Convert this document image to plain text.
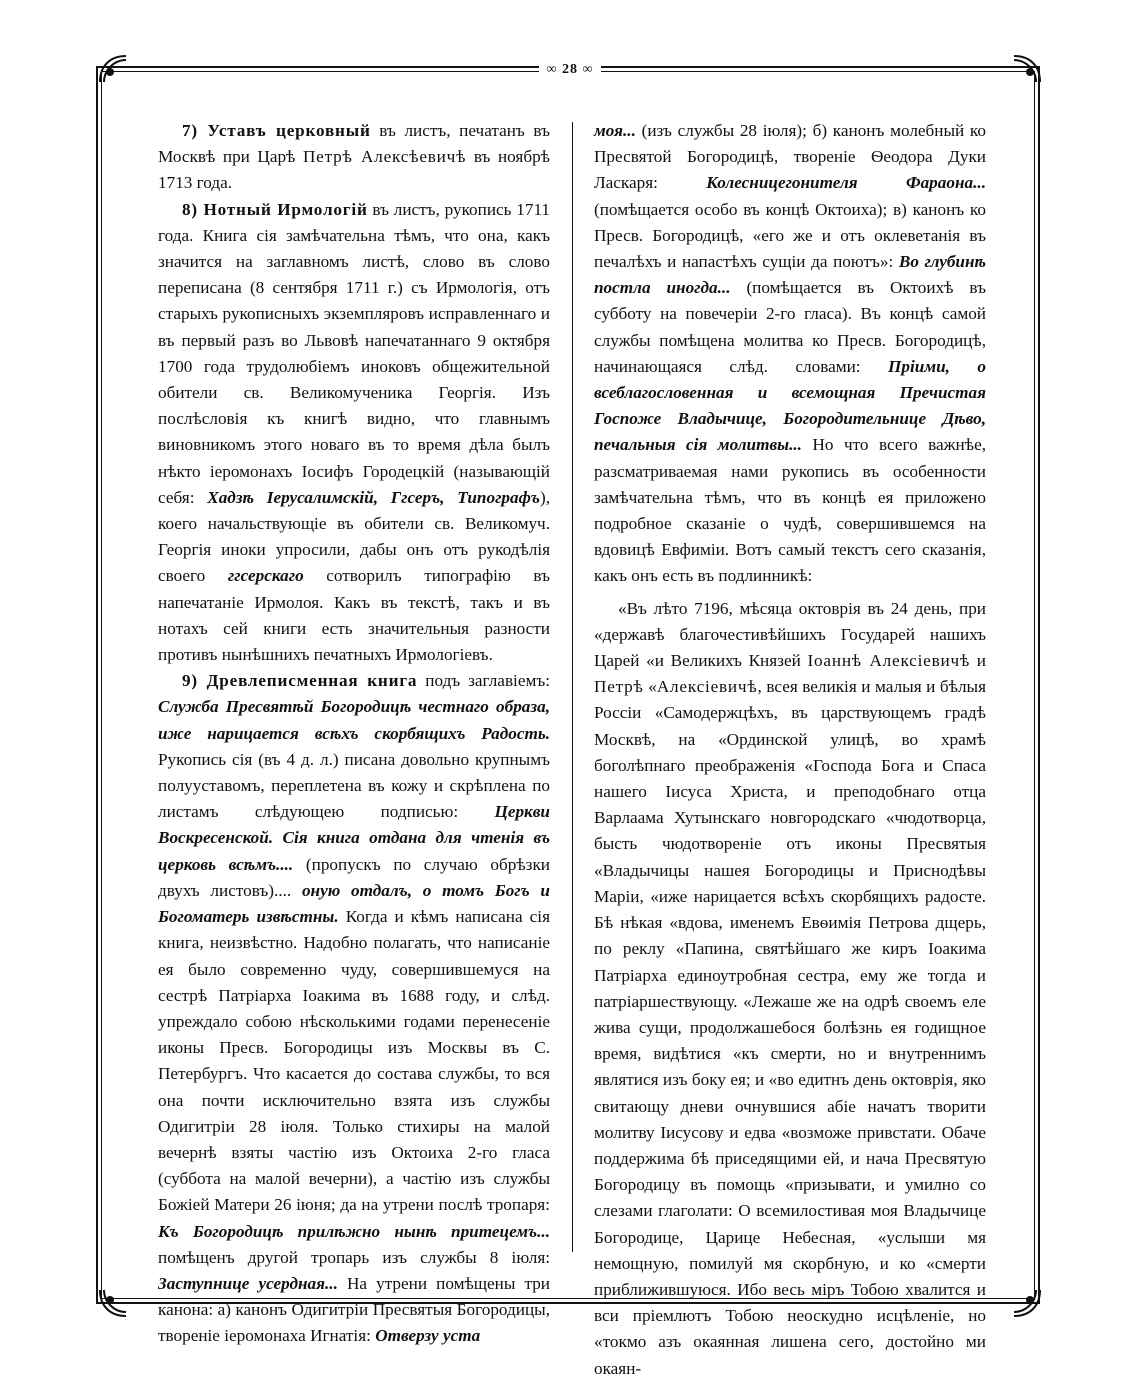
∞ 28 ∞

7) Уставъ церковный въ листъ, печатанъ въ Москвѣ при Царѣ Петрѣ Алексѣевичѣ въ ноябрѣ 1713 года.

8) Нотный Ирмологій въ листъ, рукопись 1711 года. Книга сія замѣчательна тѣмъ, что она, какъ значится на заглавномъ листѣ, слово въ слово переписана (8 сентября 1711 г.) съ Ирмологія, отъ старыхъ рукописныхъ экземпляровъ исправленнаго и въ первый разъ во Львовѣ напечатаннаго 9 октября 1700 года трудолюбіемъ иноковъ общежительной обители св. Великомученика Георгія. Изъ послѣсловія къ книгѣ видно, что главнымъ виновникомъ этого новаго въ то время дѣла былъ нѣкто іеромонахъ Іосифъ Городецкій (называющій себя: Хадзѣ Іерусалимскій, Ггсеръ, Типографъ), коего начальствующіе въ обители св. Великомуч. Георгія иноки упросили, дабы онъ отъ рукодѣлія своего ггсерскаго сотворилъ типографію въ напечатаніе Ирмолоя. Какъ въ текстѣ, такъ и въ нотахъ сей книги есть значительныя разности противъ нынѣшнихъ печатныхъ Ирмологіевъ.

9) Древлеписменная книга подъ заглавіемъ: Служба Пресвятѣй Богородицѣ честнаго образа, иже нарицается всѣхъ скорбящихъ Радость. Рукопись сія (въ 4 д. л.) писана довольно крупнымъ полууставомъ, переплетена въ кожу и скрѣплена по листамъ слѣдующею подписью: Церкви Воскресенской. Сія книга отдана для чтенія въ церковь всѣмъ.... (пропускъ по случаю обрѣзки двухъ листовъ).... оную отдалъ, о томъ Богъ и Богоматерь извѣстны. Когда и кѣмъ написана сія книга, неизвѣстно. Надобно полагать, что написаніе ея было современно чуду, совершившемуся на сестрѣ Патріарха Іоакима въ 1688 году, и слѣд. упреждало собою нѣсколькими годами перенесеніе иконы Пресв. Богородицы изъ Москвы въ С. Петербургъ. Что касается до состава службы, то вся она почти исключительно взята изъ службы Одигитріи 28 іюля. Только стихиры на малой вечернѣ взяты частію изъ Октоиха 2-го гласа (суббота на малой вечерни), а частію изъ службы Божіей Матери 26 іюня; да на утрени послѣ тропаря: Къ Богородицѣ прилѣжно нынѣ притецемъ... помѣщенъ другой тропарь изъ службы 8 іюля: Заступнице усердная... На утрени помѣщены три канона: а) канонъ Одигитріи Пресвятыя Богородицы, твореніе іеромонаха Игнатія: Отверзу уста

моя... (изъ службы 28 іюля); б) канонъ молебный ко Пресвятой Богородицѣ, твореніе Ѳеодора Дуки Ласкаря: Колесницегонителя Фараона... (помѣщается особо въ концѣ Октоиха); в) канонъ ко Пресв. Богородицѣ, «его же и отъ оклеветанія въ печалѣхъ и напастѣхъ сущіи да поютъ»: Во глубинѣ постла иногда... (помѣщается въ Октоихѣ въ субботу на повечеріи 2-го гласа). Въ концѣ самой службы помѣщена молитва ко Пресв. Богородицѣ, начинающаяся слѣд. словами: Пріими, о всеблагословенная и всемощная Пречистая Госпоже Владычице, Богородительнице Дѣво, печальныя сія молитвы... Но что всего важнѣе, разсматриваемая нами рукопись въ особенности замѣчательна тѣмъ, что въ концѣ ея приложено подробное сказаніе о чудѣ, совершившемся на вдовицѣ Евфиміи. Вотъ самый текстъ сего сказанія, какъ онъ есть въ подлинникѣ:

«Въ лѣто 7196, мѣсяца октоврія въ 24 день, при «державѣ благочестивѣйшихъ Государей нашихъ Царей «и Великихъ Князей Іоаннѣ Алексіевичѣ и Петрѣ «Алексіевичѣ, всея великія и малыя и бѣлыя Россіи «Самодержцѣхъ, въ царствующемъ градѣ Москвѣ, на «Ординской улицѣ, во храмѣ боголѣпнаго преображенія «Господа Бога и Спаса нашего Іисуса Христа, и преподобнаго отца Варлаама Хутынскаго новгородскаго «чюдотворца, бысть чюдотвореніе отъ иконы Пресвятыя «Владычицы нашея Богородицы и Приснодѣвы Маріи, «иже нарицается всѣхъ скорбящихъ радосте. Бѣ нѣкая «вдова, именемъ Евѳимія Петрова дщерь, по реклу «Папина, святѣйшаго же киръ Іоакима Патріарха единоутробная сестра, ему же тогда и патріаршествующу. «Лежаше же на одрѣ своемъ еле жива сущи, продолжашебося болѣзнь ея годищное время, видѣтися «къ смерти, но и внутреннимъ являтися изъ боку ея; и «во едитнъ день октоврія, яко свитающу дневи очнувшися абіе начатъ творити молитву Іисусову и едва «возможе привстати. Обаче поддержима бѣ приседящими ей, и нача Пресвятую Богородицу въ помощь «призывати, и умилно со слезами глаголати: О всемилостивая моя Владычице Богородице, Царице Небесная, «услыши мя немощную, помилуй мя скорбную, и ко «смерти приближившуюся. Ибо весь міръ Тобою хвалится и вси пріемлютъ Тобою неоскудно исцѣленіе, но «токмо азъ окаянная лишена сего, достойно ми окаян-
